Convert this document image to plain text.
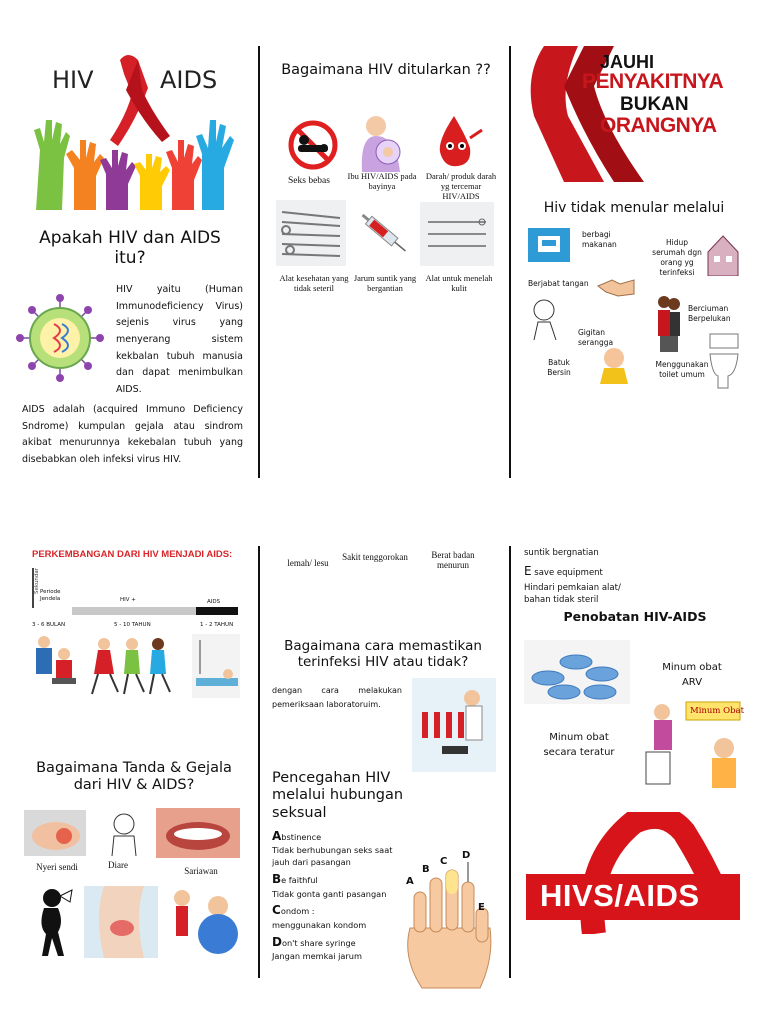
HIV	AIDS
Apakah HIV dan AIDS itu?
HIV yaitu (Human Immunodeficiency Virus) sejenis virus yang menyerang sistem kekbalan tubuh manusia dan dapat menimbulkan AIDS.
AIDS adalah (acquired Immuno Deficiency Sndrome) kumpulan gejala atau sindrom akibat menurunnya kekebalan tubuh yang disebabkan oleh infeksi virus HIV.
Bagaimana HIV ditularkan ??
Seks bebas	Ibu HIV/AIDS pada bayinya
Darah/ produk darah yg tercemar HIV/AIDS
Alat kesehatan yang tidak seteril
Jarum suntik yang bergantian
Alat untuk menelah kulit
JAUHI
PENYAKITNYA
BUKAN
ORANGNYA
Hiv tidak menular melalui
berbagi makanan	Hidup serumah dgn orang yg terinfeksi
Berjabat tangan
Berciuman Berpelukan
Gigitan serangga
Batuk Bersin
Menggunakan toilet umum
PERKEMBANGAN DARI HIV MENJADI AIDS:
Sekundar Periode Jendela	HIV +	AIDS
3 - 6 BULAN	5 - 10 TAHUN	1 - 2 TAHUN
Bagaimana Tanda & Gejala dari HIV & AIDS?
Nyeri sendi	Diare
Sariawan
lemah/ lesu
Sakit tenggorokan	Berat badan menurun
Bagaimana cara memastikan terinfeksi HIV atau tidak?
dengan cara melakukan pemeriksaan laboratoruim.
Pencegahan HIV melalui hubungan seksual
Abstinence
Tidak berhubungan seks saat jauh dari pasangan
Be faithful
Tidak gonta ganti pasangan
Condom :
menggunakan kondom
Don't share syringe
Jangan memkai jarum
A
B
C
D
E
suntik bergnatian
E save equipment
Hindari pemkaian alat/ bahan tidak steril
Penobatan HIV-AIDS
Minum obat ARV
Minum obat secara teratur
Minum Obat
HIVS/AIDS
